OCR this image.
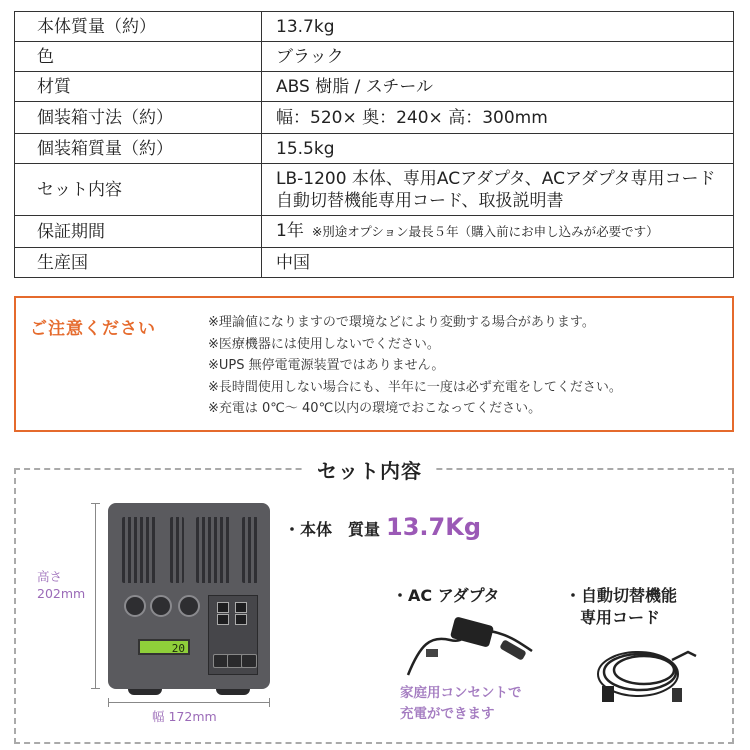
本体質量（約）	13.7kg
色	ブラック
材質	ABS 樹脂 / スチール
個装箱寸法（約）	幅：520× 奥：240× 高：300mm
個装箱質量（約）	15.5kg
セット内容	LB-1200 本体、専用ACアダプタ、ACアダプタ専用コード
自動切替機能専用コード、取扱説明書

保証期間	1年 ※別途オプション最長５年（購入前にお申し込みが必要です）
生産国	中国
ご注意ください	※理論値になりますので環境などにより変動する場合があります。
※医療機器には使用しないでください。
※UPS 無停電電源装置ではありません。
※長時間使用しない場合にも、半年に一度は必ず充電をしてください。
※充電は 0℃～ 40℃以内の環境でおこなってください。
セット内容
高さ
202mm
幅 172mm
20
・本体　質量 13.7Kg
・AC アダプタ
家庭用コンセントで
充電ができます
・自動切替機能
専用コード
